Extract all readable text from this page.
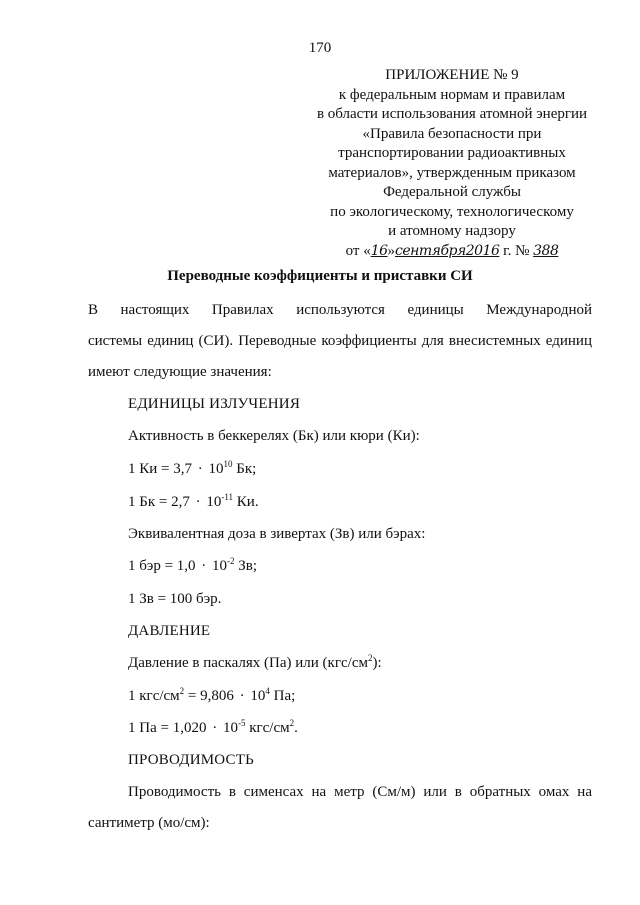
170
ПРИЛОЖЕНИЕ № 9
к федеральным нормам и правилам
в области использования атомной энергии
«Правила безопасности при
транспортировании радиоактивных
материалов», утвержденным приказом
Федеральной службы
по экологическому, технологическому
и атомному надзору
от «16»сентября2016 г. № 388
Переводные коэффициенты и приставки СИ
В настоящих Правилах используются единицы Международной
системы единиц (СИ). Переводные коэффициенты для внесистемных единиц
имеют следующие значения:
ЕДИНИЦЫ ИЗЛУЧЕНИЯ
Активность в беккерелях (Бк) или кюри (Ки):
1 Ки = $3,7 \cdot 10^{10}$ Бк;
1 Бк = $2,7 \cdot 10^{-11}$ Ки.
Эквивалентная доза в зивертах (Зв) или бэрах:
1 бэр = $1,0 \cdot 10^{-2}$ Зв;
1 Зв = 100 бэр.
ДАВЛЕНИЕ
Давление в паскалях (Па) или $(кгс/см^2)$:
1 кгс/$см^2 = 9,806 \cdot 10^4$ Па;
1 Па = $1,020 \cdot 10^{-5}$ кгс/$см^2$.
ПРОВОДИМОСТЬ
Проводимость в сименсах на метр (См/м) или в обратных омах на
сантиметр (мо/см):
